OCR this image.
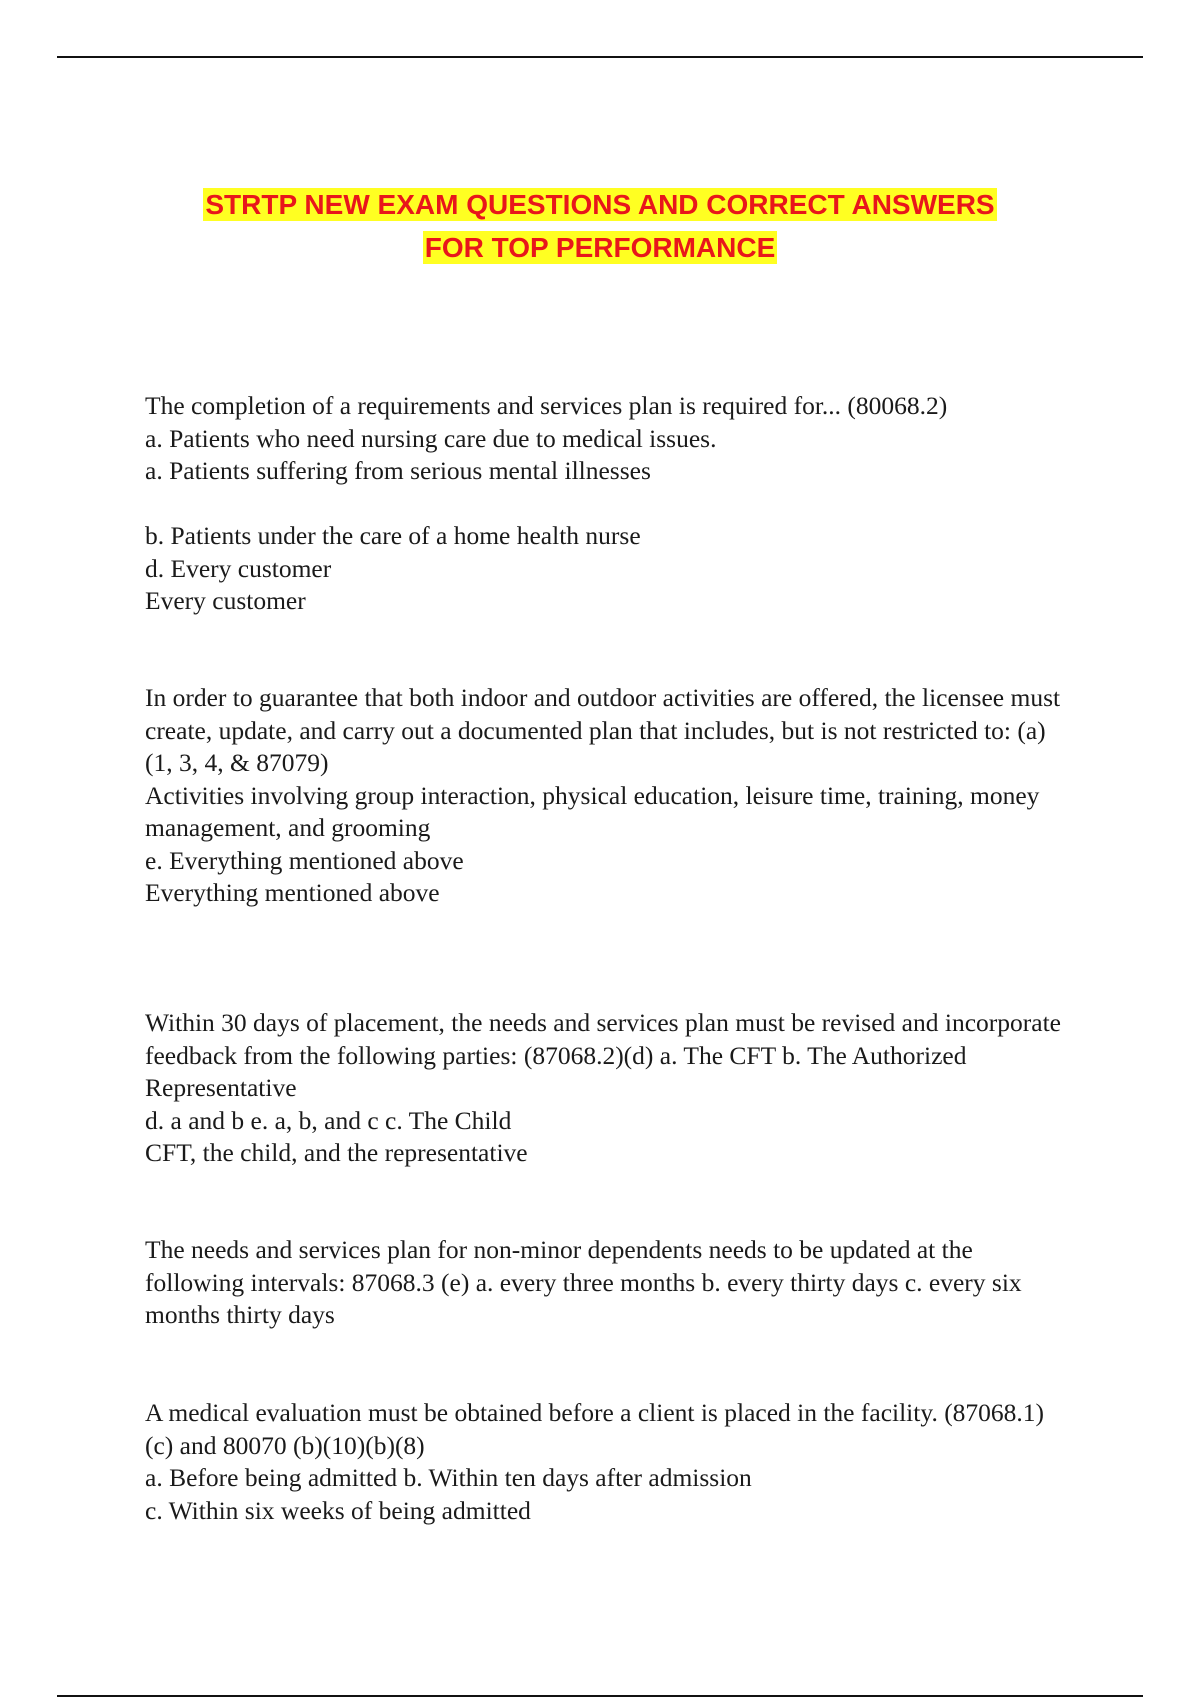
STRTP NEW EXAM QUESTIONS AND CORRECT ANSWERS
FOR TOP PERFORMANCE

The completion of a requirements and services plan is required for... (80068.2)

a. Patients who need nursing care due to medical issues.

a. Patients suffering from serious mental illnesses

b. Patients under the care of a home health nurse

d. Every customer

Every customer

In order to guarantee that both indoor and outdoor activities are offered, the licensee must create, update, and carry out a documented plan that includes, but is not restricted to: (a)(1, 3, 4, & 87079)

Activities involving group interaction, physical education, leisure time, training, money management, and grooming

e. Everything mentioned above

Everything mentioned above

Within 30 days of placement, the needs and services plan must be revised and incorporate feedback from the following parties: (87068.2)(d) a. The CFT b. The Authorized Representative

d. a and b e. a, b, and c c. The Child

CFT, the child, and the representative

The needs and services plan for non-minor dependents needs to be updated at the following intervals: 87068.3 (e) a. every three months b. every thirty days c. every six months thirty days

A medical evaluation must be obtained before a client is placed in the facility. (87068.1)(c) and 80070 (b)(10)(b)(8)

a. Before being admitted b. Within ten days after admission

c. Within six weeks of being admitted
